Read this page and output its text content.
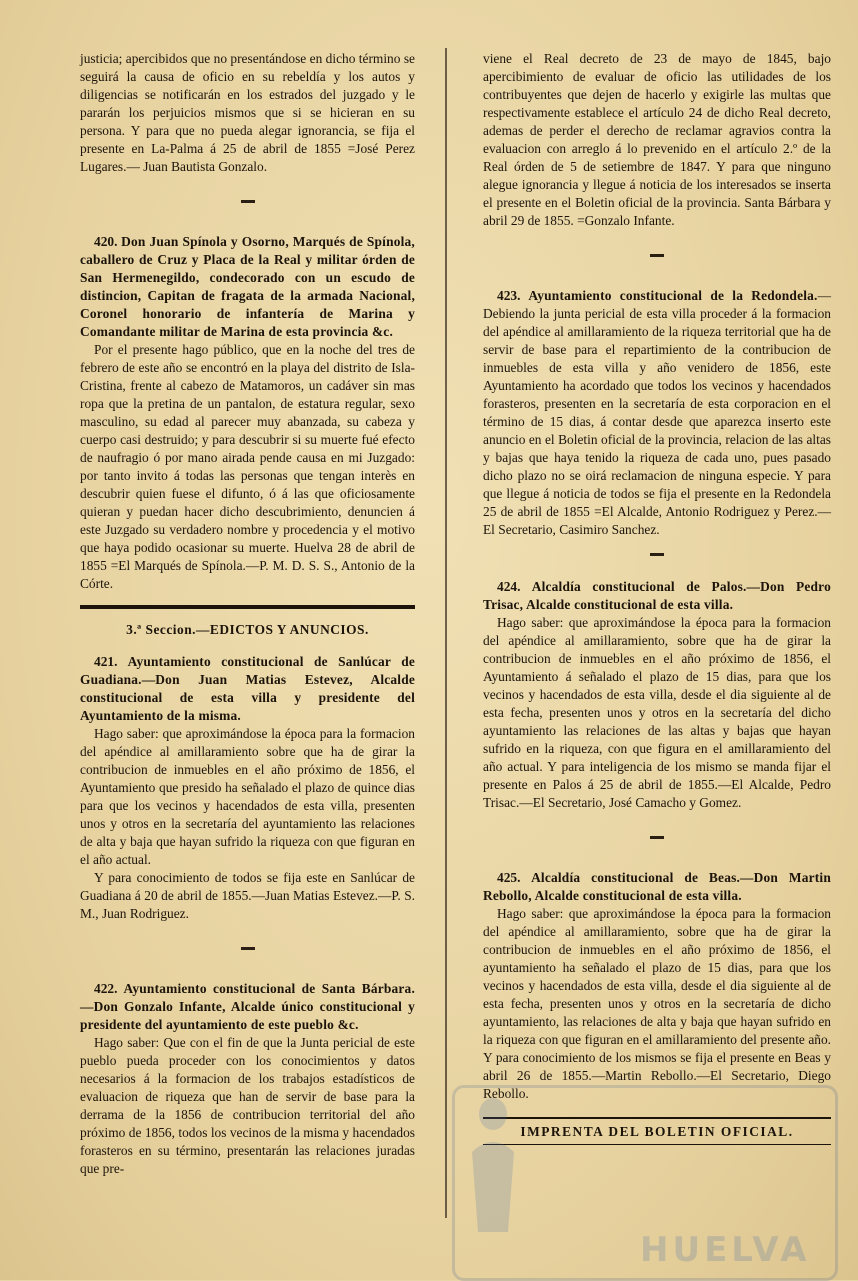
justicia; apercibidos que no presentándose en dicho término se seguirá la causa de oficio en su rebeldía y los autos y diligencias se notificarán en los estrados del juzgado y le pararán los perjuicios mismos que si se hicieran en su persona. Y para que no pueda alegar ignorancia, se fija el presente en La-Palma á 25 de abril de 1855 =José Perez Lugares.— Juan Bautista Gonzalo.

420. Don Juan Spínola y Osorno, Marqués de Spínola, caballero de Cruz y Placa de la Real y militar órden de San Hermenegildo, condecorado con un escudo de distincion, Capitan de fragata de la armada Nacional, Coronel honorario de infantería de Marina y Comandante militar de Marina de esta provincia &c.

Por el presente hago público, que en la noche del tres de febrero de este año se encontró en la playa del distrito de Isla-Cristina, frente al cabezo de Matamoros, un cadáver sin mas ropa que la pretina de un pantalon, de estatura regular, sexo masculino, su edad al parecer muy abanzada, su cabeza y cuerpo casi destruido; y para descubrir si su muerte fué efecto de naufragio ó por mano airada pende causa en mi Juzgado: por tanto invito á todas las personas que tengan interès en descubrir quien fuese el difunto, ó á las que oficiosamente quieran y puedan hacer dicho descubrimiento, denuncien á este Juzgado su verdadero nombre y procedencia y el motivo que haya podido ocasionar su muerte. Huelva 28 de abril de 1855 =El Marqués de Spínola.—P. M. D. S. S., Antonio de la Córte.

3.ª Seccion.—EDICTOS Y ANUNCIOS.

421. Ayuntamiento constitucional de Sanlúcar de Guadiana.—Don Juan Matias Estevez, Alcalde constitucional de esta villa y presidente del Ayuntamiento de la misma.

Hago saber: que aproximándose la época para la formacion del apéndice al amillaramiento sobre que ha de girar la contribucion de inmuebles en el año próximo de 1856, el Ayuntamiento que presido ha señalado el plazo de quince dias para que los vecinos y hacendados de esta villa, presenten unos y otros en la secretaría del ayuntamiento las relaciones de alta y baja que hayan sufrido la riqueza con que figuran en el año actual.

Y para conocimiento de todos se fija este en Sanlúcar de Guadiana á 20 de abril de 1855.—Juan Matias Estevez.—P. S. M., Juan Rodriguez.

422. Ayuntamiento constitucional de Santa Bárbara.—Don Gonzalo Infante, Alcalde único constitucional y presidente del ayuntamiento de este pueblo &c.

Hago saber: Que con el fin de que la Junta pericial de este pueblo pueda proceder con los conocimientos y datos necesarios á la formacion de los trabajos estadísticos de evaluacion de riqueza que han de servir de base para la derrama de la 1856 de contribucion territorial del año próximo de 1856, todos los vecinos de la misma y hacendados forasteros en su término, presentarán las relaciones juradas que pre-

viene el Real decreto de 23 de mayo de 1845, bajo apercibimiento de evaluar de oficio las utilidades de los contribuyentes que dejen de hacerlo y exigirle las multas que respectivamente establece el artículo 24 de dicho Real decreto, ademas de perder el derecho de reclamar agravios contra la evaluacion con arreglo á lo prevenido en el artículo 2.º de la Real órden de 5 de setiembre de 1847. Y para que ninguno alegue ignorancia y llegue á noticia de los interesados se inserta el presente en el Boletin oficial de la provincia. Santa Bárbara y abril 29 de 1855. =Gonzalo Infante.

423. Ayuntamiento constitucional de la Redondela.—Debiendo la junta pericial de esta villa proceder á la formacion del apéndice al amillaramiento de la riqueza territorial que ha de servir de base para el repartimiento de la contribucion de inmuebles de esta villa y año venidero de 1856, este Ayuntamiento ha acordado que todos los vecinos y hacendados forasteros, presenten en la secretaría de esta corporacion en el término de 15 dias, á contar desde que aparezca inserto este anuncio en el Boletin oficial de la provincia, relacion de las altas y bajas que haya tenido la riqueza de cada uno, pues pasado dicho plazo no se oirá reclamacion de ninguna especie. Y para que llegue á noticia de todos se fija el presente en la Redondela 25 de abril de 1855 =El Alcalde, Antonio Rodriguez y Perez.—El Secretario, Casimiro Sanchez.

424. Alcaldía constitucional de Palos.—Don Pedro Trisac, Alcalde constitucional de esta villa.

Hago saber: que aproximándose la época para la formacion del apéndice al amillaramiento, sobre que ha de girar la contribucion de inmuebles en el año próximo de 1856, el Ayuntamiento á señalado el plazo de 15 dias, para que los vecinos y hacendados de esta villa, desde el dia siguiente al de esta fecha, presenten unos y otros en la secretaría del dicho ayuntamiento las relaciones de las altas y bajas que hayan sufrido en la riqueza, con que figura en el amillaramiento del año actual. Y para inteligencia de los mismo se manda fijar el presente en Palos á 25 de abril de 1855.—El Alcalde, Pedro Trisac.—El Secretario, José Camacho y Gomez.

425. Alcaldía constitucional de Beas.—Don Martin Rebollo, Alcalde constitucional de esta villa.

Hago saber: que aproximándose la época para la formacion del apéndice al amillaramiento, sobre que ha de girar la contribucion de inmuebles en el año próximo de 1856, el ayuntamiento ha señalado el plazo de 15 dias, para que los vecinos y hacendados de esta villa, desde el dia siguiente al de esta fecha, presenten unos y otros en la secretaría de dicho ayuntamiento, las relaciones de alta y baja que hayan sufrido en la riqueza con que figuran en el amillaramiento del presente año. Y para conocimiento de los mismos se fija el presente en Beas y abril 26 de 1855.—Martin Rebollo.—El Secretario, Diego Rebollo.

IMPRENTA DEL BOLETIN OFICIAL.
HUELVA
